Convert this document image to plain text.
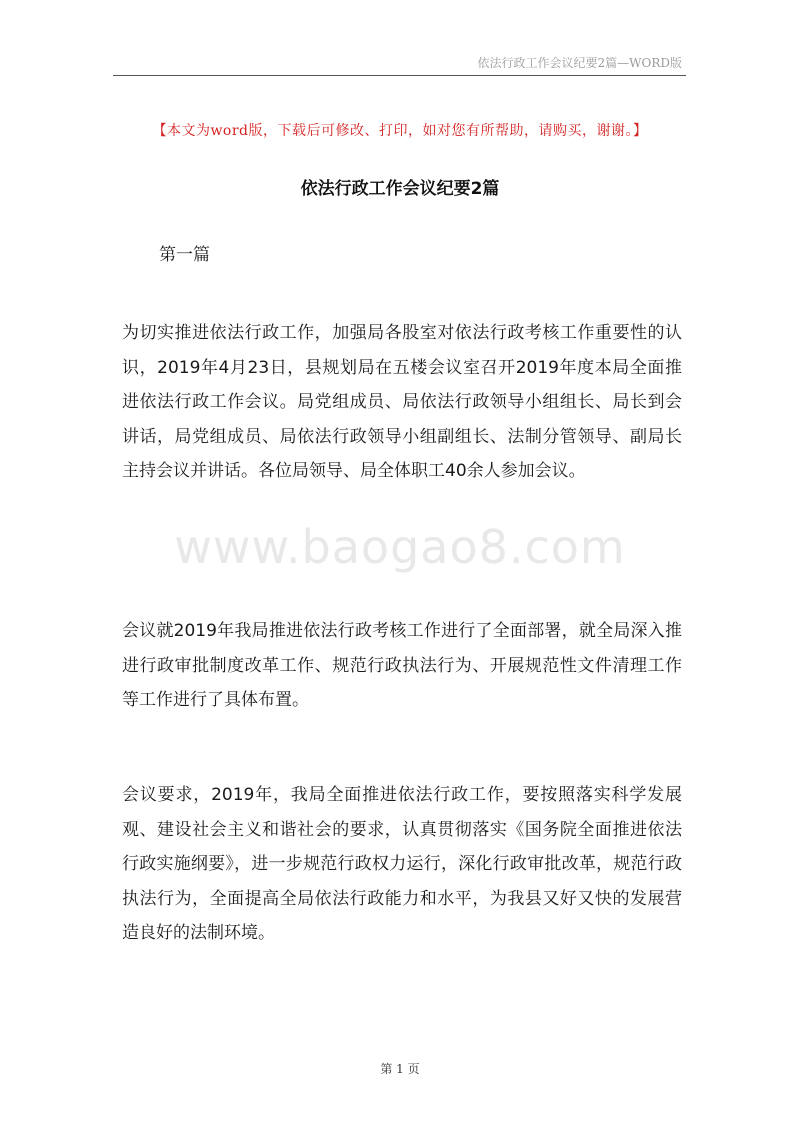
依法行政工作会议纪要2篇—WORD版
【本文为word版，下载后可修改、打印，如对您有所帮助，请购买，谢谢。】
依法行政工作会议纪要2篇
第一篇
为切实推进依法行政工作，加强局各股室对依法行政考核工作重要性的认识，2019年4月23日，县规划局在五楼会议室召开2019年度本局全面推进依法行政工作会议。局党组成员、局依法行政领导小组组长、局长到会讲话，局党组成员、局依法行政领导小组副组长、法制分管领导、副局长主持会议并讲话。各位局领导、局全体职工40余人参加会议。
www.baogao8.com
会议就2019年我局推进依法行政考核工作进行了全面部署，就全局深入推进行政审批制度改革工作、规范行政执法行为、开展规范性文件清理工作等工作进行了具体布置。
会议要求，2019年，我局全面推进依法行政工作，要按照落实科学发展观、建设社会主义和谐社会的要求，认真贯彻落实《国务院全面推进依法行政实施纲要》，进一步规范行政权力运行，深化行政审批改革，规范行政执法行为，全面提高全局依法行政能力和水平，为我县又好又快的发展营造良好的法制环境。
第 1 页
